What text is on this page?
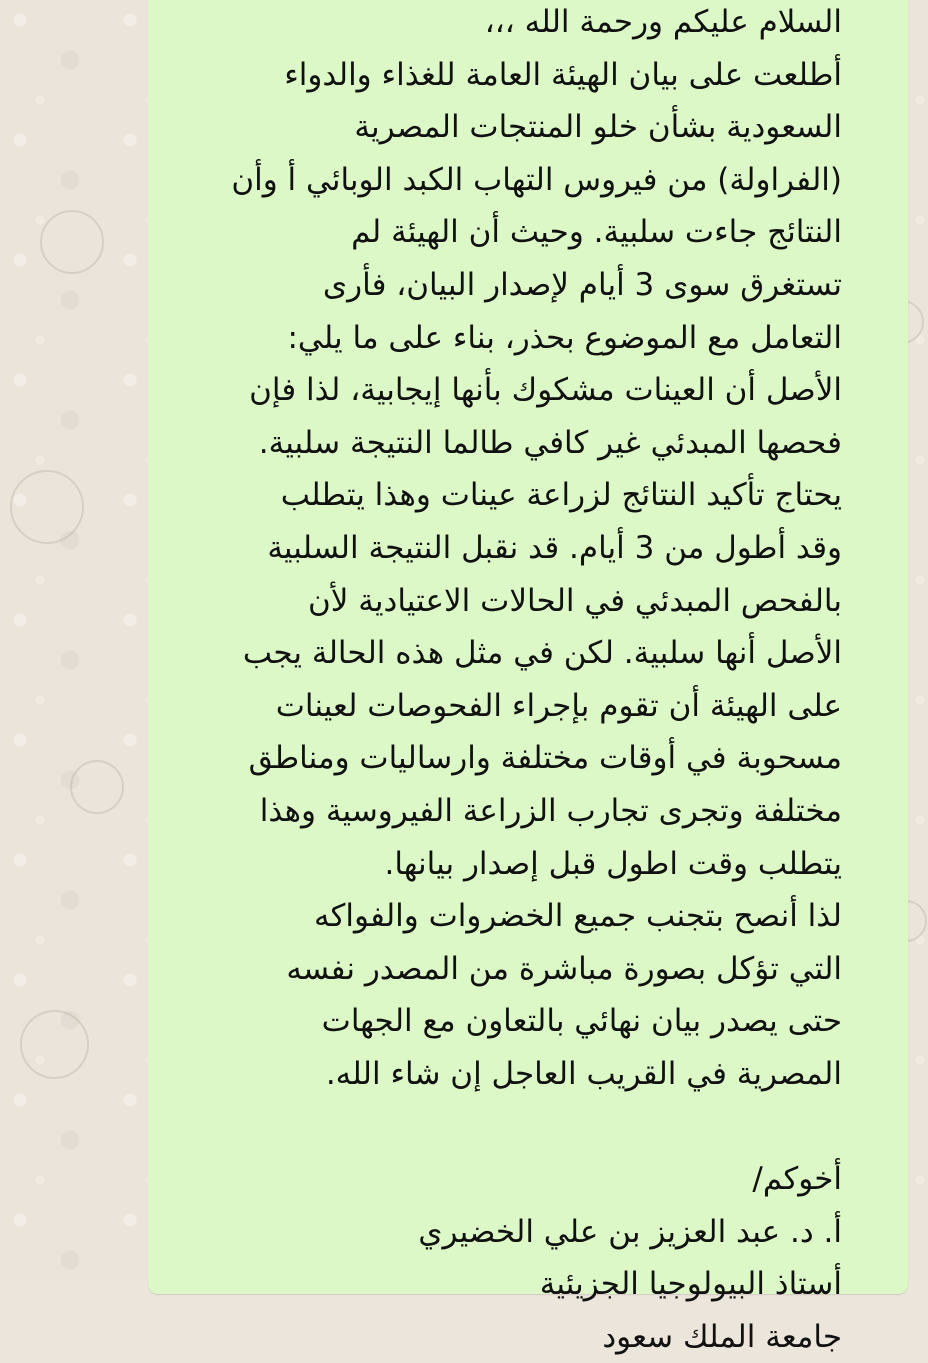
السلام عليكم ورحمة الله ،،،
أطلعت على بيان الهيئة العامة للغذاء والدواء
السعودية بشأن خلو المنتجات المصرية
(الفراولة) من فيروس التهاب الكبد الوبائي أ وأن
النتائج جاءت سلبية. وحيث أن الهيئة لم
تستغرق سوى 3 أيام لإصدار البيان، فأرى
التعامل مع الموضوع بحذر، بناء على ما يلي:
الأصل أن العينات مشكوك بأنها إيجابية، لذا فإن
فحصها المبدئي غير كافي طالما النتيجة سلبية.
يحتاج تأكيد النتائج لزراعة عينات وهذا يتطلب
وقد أطول من 3 أيام. قد نقبل النتيجة السلبية
بالفحص المبدئي في الحالات الاعتيادية لأن
الأصل أنها سلبية. لكن في مثل هذه الحالة يجب
على الهيئة أن تقوم بإجراء الفحوصات لعينات
مسحوبة في أوقات مختلفة وارساليات ومناطق
مختلفة وتجرى تجارب الزراعة الفيروسية وهذا
يتطلب وقت اطول قبل إصدار بيانها.
لذا أنصح بتجنب جميع الخضروات والفواكه
التي تؤكل بصورة مباشرة من المصدر نفسه
حتى يصدر بيان نهائي بالتعاون مع الجهات
المصرية في القريب العاجل إن شاء الله.
أخوكم/
أ. د. عبد العزيز بن علي الخضيري
أستاذ البيولوجيا الجزيئية
جامعة الملك سعود
